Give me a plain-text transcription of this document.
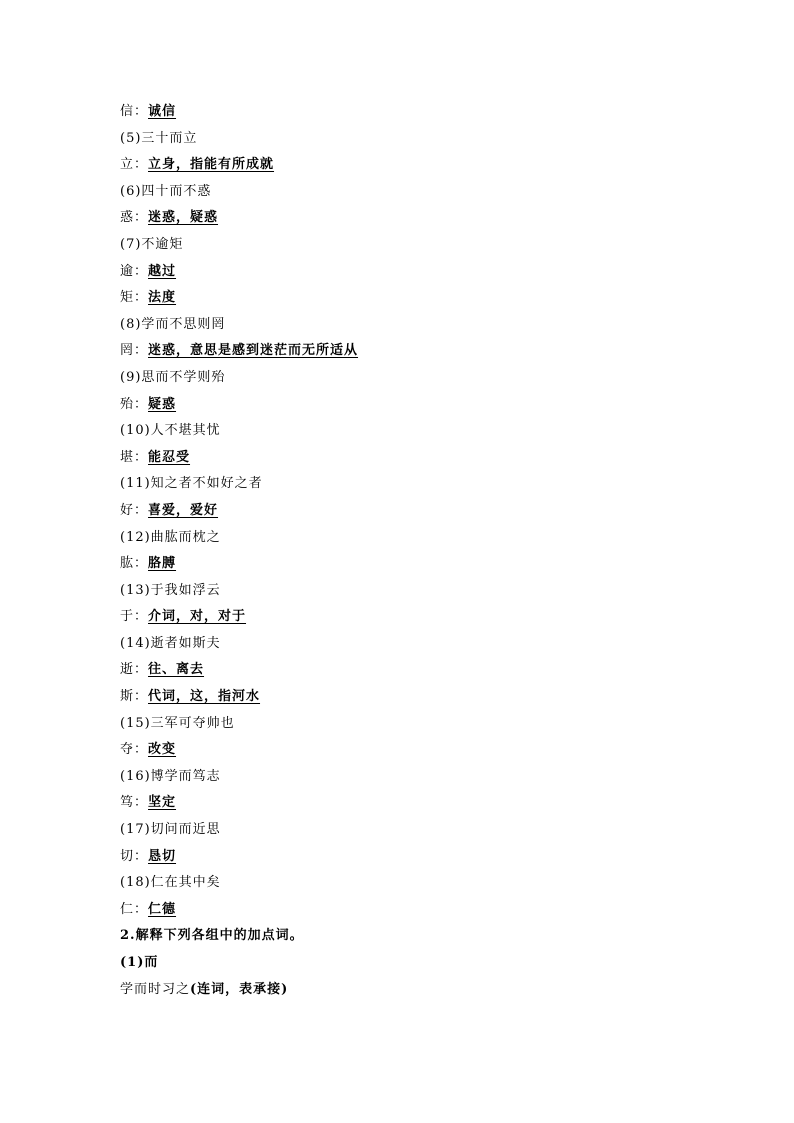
信：诚信
(5)三十而立
立：立身，指能有所成就
(6)四十而不惑
惑：迷惑，疑惑
(7)不逾矩
逾：越过
矩：法度
(8)学而不思则罔
罔：迷惑，意思是感到迷茫而无所适从
(9)思而不学则殆
殆：疑惑
(10)人不堪其忧
堪：能忍受
(11)知之者不如好之者
好：喜爱，爱好
(12)曲肱而枕之
肱：胳膊
(13)于我如浮云
于：介词，对，对于
(14)逝者如斯夫
逝：往、离去
斯：代词，这，指河水
(15)三军可夺帅也
夺：改变
(16)博学而笃志
笃：坚定
(17)切问而近思
切：恳切
(18)仁在其中矣
仁：仁德
2.解释下列各组中的加点词。
(1)而
学而时习之(连词，表承接)
